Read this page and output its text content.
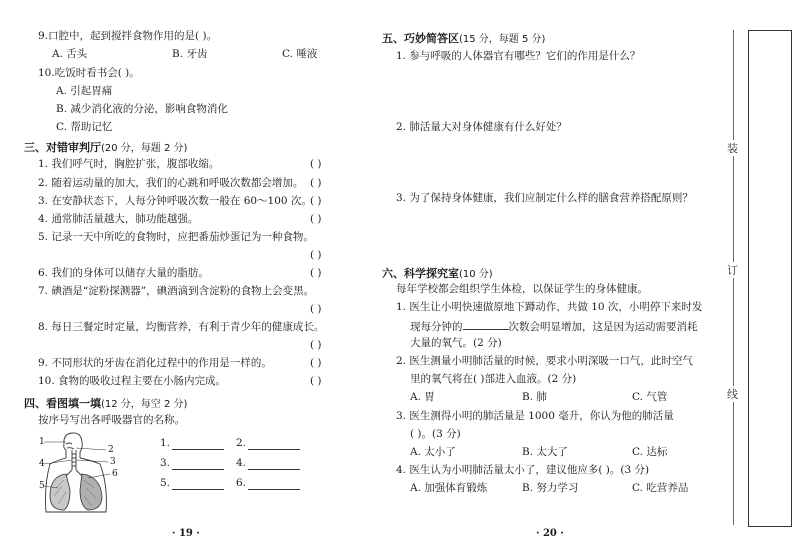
9.口腔中，起到搅拌食物作用的是( )。
A. 舌头	B. 牙齿	C. 唾液
10.吃饭时看书会( )。
A. 引起胃痛
B. 减少消化液的分泌，影响食物消化
C. 帮助记忆
三、对错审判厅(20 分，每题 2 分)
1. 我们呼气时，胸腔扩张，腹部收缩。	( )
2. 随着运动量的加大，我们的心跳和呼吸次数都会增加。 ( )
3. 在安静状态下，人每分钟呼吸次数一般在 60～100 次。
( )
4. 通常肺活量越大，肺功能越强。	( )
5. 记录一天中所吃的食物时，应把番茄炒蛋记为一种食物。
( )
6. 我们的身体可以储存大量的脂肪。	( )
7. 碘酒是“淀粉探测器”，碘酒滴到含淀粉的食物上会变黑。
( )
8. 每日三餐定时定量，均衡营养，有利于青少年的健康成长。
( )
9. 不同形状的牙齿在消化过程中的作用是一样的。	( )
10. 食物的吸收过程主要在小肠内完成。	( )
四、看图填一填(12 分，每空 2 分)
按序号写出各呼吸器官的名称。
1
4
5
2
3
6
1.	2.
3.	4.
5.	6.
· 19 ·
五、巧妙简答区(15 分，每题 5 分)
1. 参与呼吸的人体器官有哪些？它们的作用是什么？
2. 肺活量大对身体健康有什么好处？
3. 为了保持身体健康，我们应制定什么样的膳食营养搭配原则？
六、科学探究室(10 分)
每年学校都会组织学生体检，以保证学生的身体健康。
1. 医生让小明快速做原地下蹲动作，共做 10 次，小明停下来时发
现每分钟的	次数会明显增加，这是因为运动需要消耗
大量的氧气。(2 分)
2. 医生测量小明肺活量的时候，要求小明深吸一口气，此时空气
里的氧气将在( )部进入血液。(2 分)
A. 胃	B. 肺	C. 气管
3. 医生测得小明的肺活量是 1000 毫升，你认为他的肺活量
( )。(3 分)
A. 太小了	B. 太大了	C. 达标
4. 医生认为小明肺活量太小了，建议他应多( )。(3 分)
A. 加强体育锻炼	B. 努力学习	C. 吃营养品
· 20 ·
装
订
线
